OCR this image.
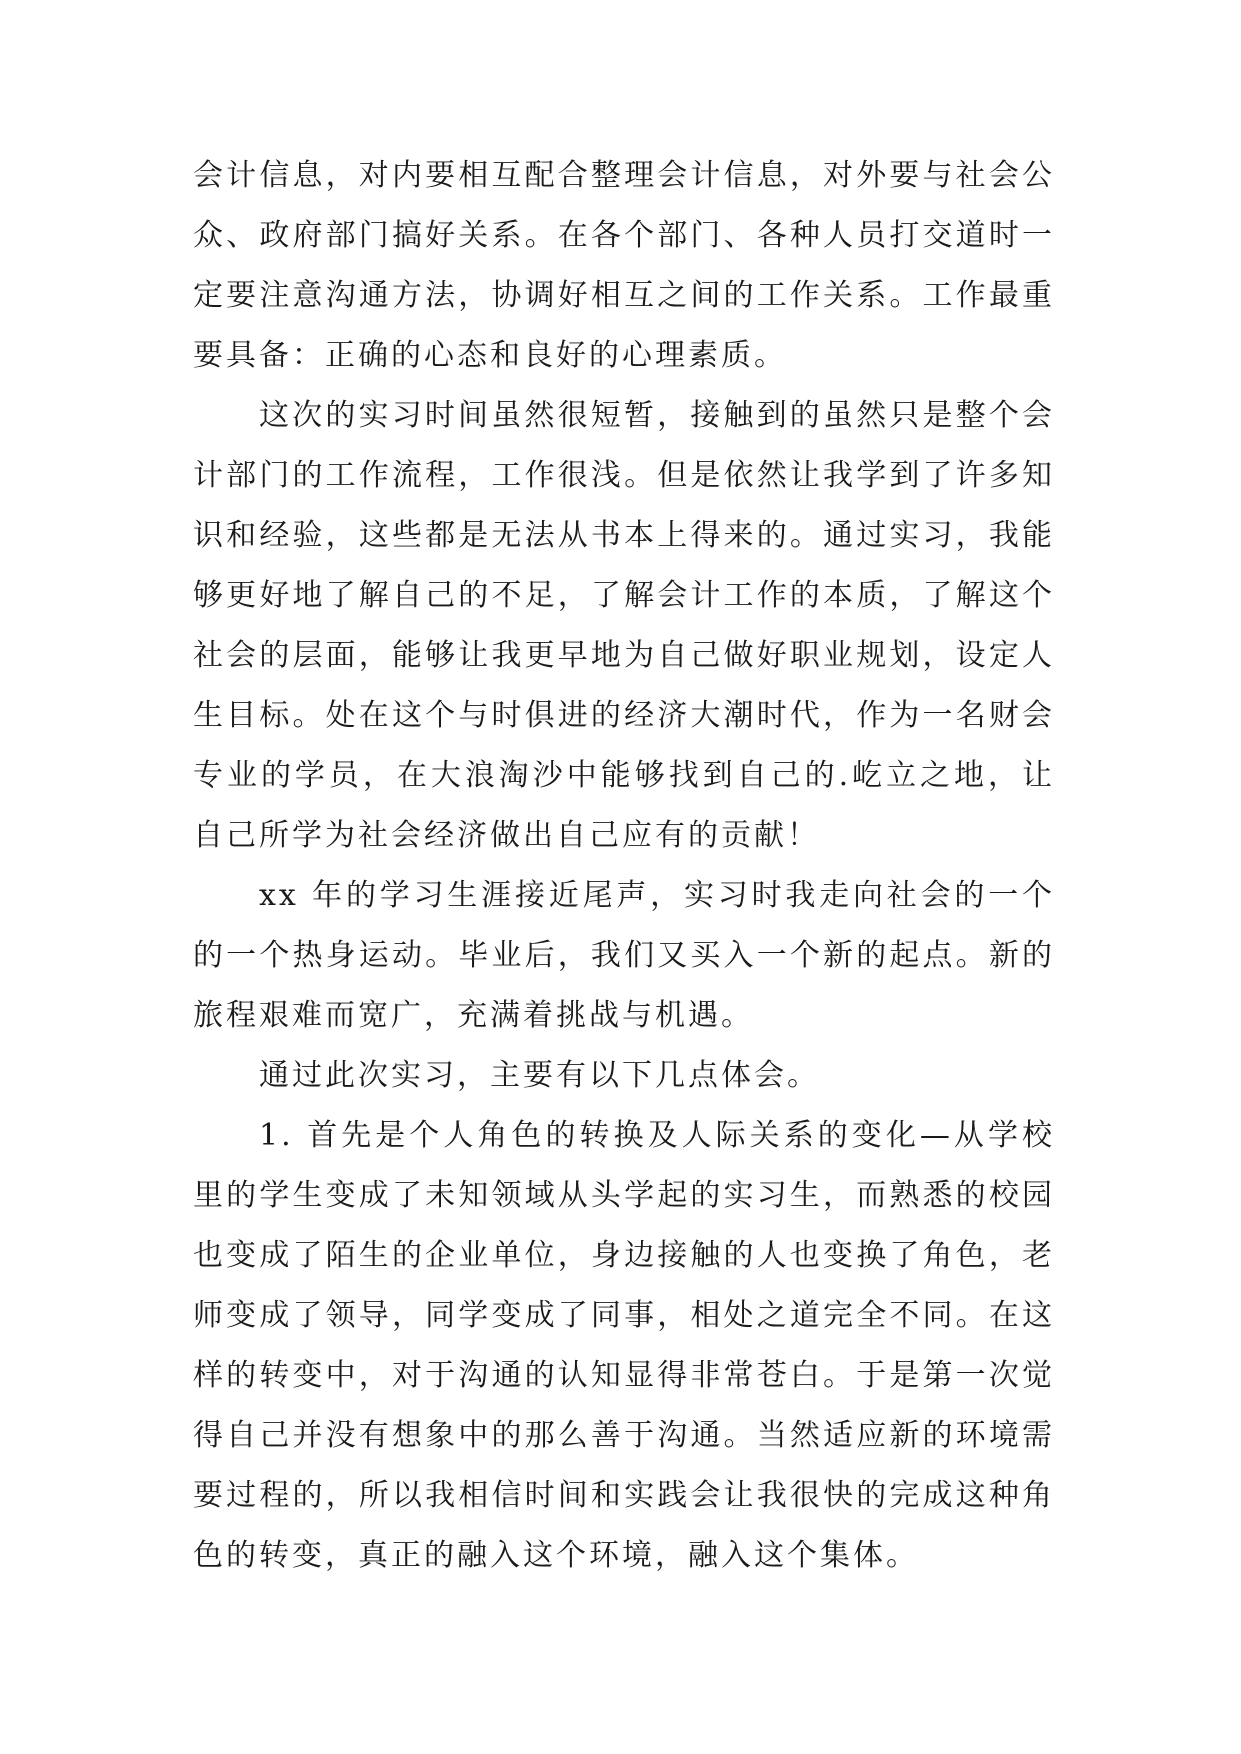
会计信息，对内要相互配合整理会计信息，对外要与社会公众、政府部门搞好关系。在各个部门、各种人员打交道时一定要注意沟通方法，协调好相互之间的工作关系。工作最重要具备：正确的心态和良好的心理素质。

这次的实习时间虽然很短暂，接触到的虽然只是整个会计部门的工作流程，工作很浅。但是依然让我学到了许多知识和经验，这些都是无法从书本上得来的。通过实习，我能够更好地了解自己的不足，了解会计工作的本质，了解这个社会的层面，能够让我更早地为自己做好职业规划，设定人生目标。处在这个与时俱进的经济大潮时代，作为一名财会专业的学员，在大浪淘沙中能够找到自己的.屹立之地，让自己所学为社会经济做出自己应有的贡献！

xx 年的学习生涯接近尾声，实习时我走向社会的一个的一个热身运动。毕业后，我们又买入一个新的起点。新的旅程艰难而宽广，充满着挑战与机遇。

通过此次实习，主要有以下几点体会。

1. 首先是个人角色的转换及人际关系的变化—从学校里的学生变成了未知领域从头学起的实习生，而熟悉的校园也变成了陌生的企业单位，身边接触的人也变换了角色，老师变成了领导，同学变成了同事，相处之道完全不同。在这样的转变中，对于沟通的认知显得非常苍白。于是第一次觉得自己并没有想象中的那么善于沟通。当然适应新的环境需要过程的，所以我相信时间和实践会让我很快的完成这种角色的转变，真正的融入这个环境，融入这个集体。
